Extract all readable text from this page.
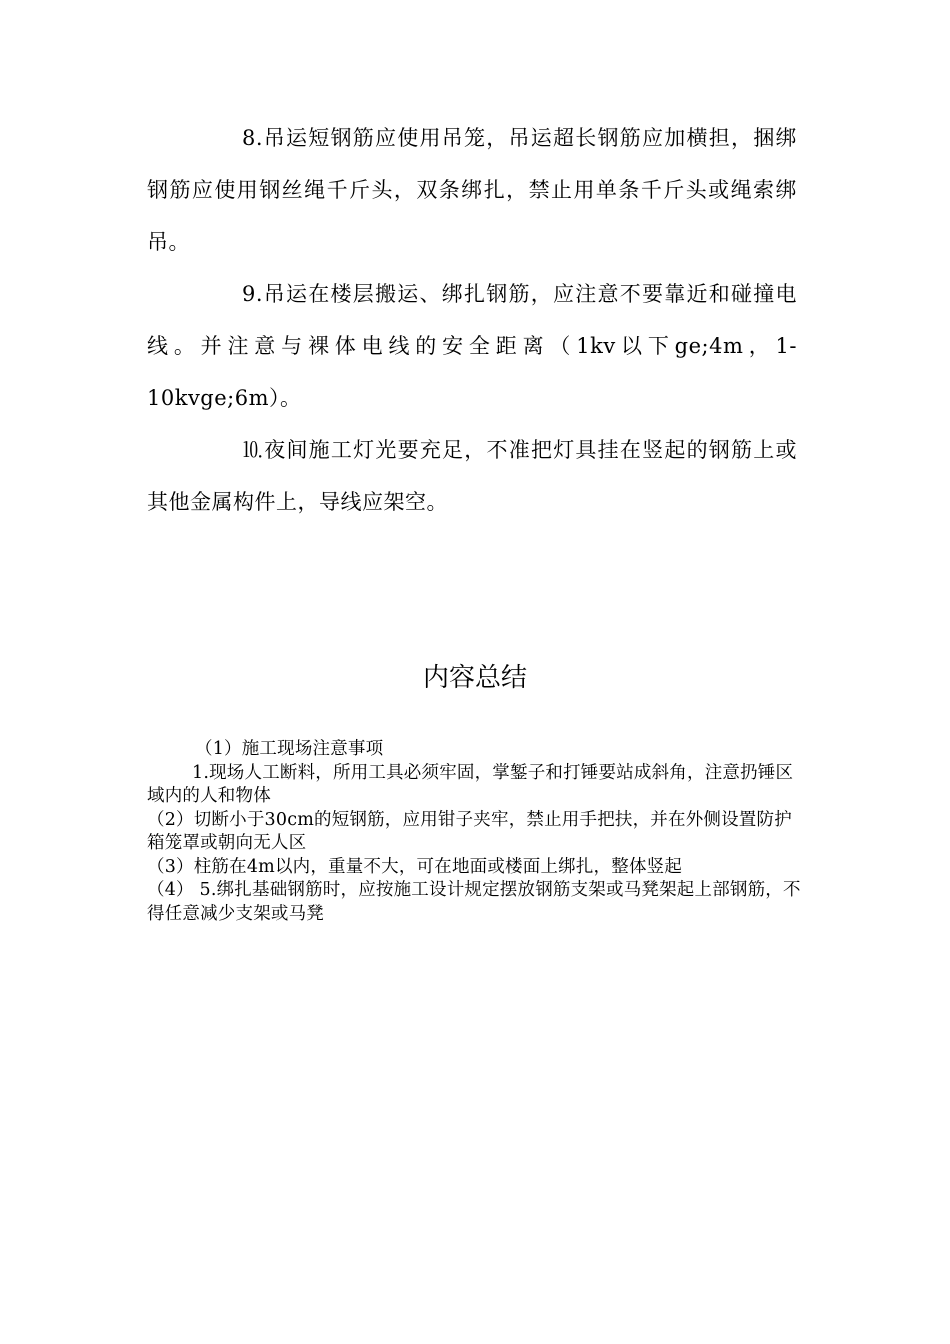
8.吊运短钢筋应使用吊笼，吊运超长钢筋应加横担，捆绑钢筋应使用钢丝绳千斤头，双条绑扎，禁止用单条千斤头或绳索绑吊。

9.吊运在楼层搬运、绑扎钢筋，应注意不要靠近和碰撞电线。并注意与裸体电线的安全距离（1kv以下ge;4m，1-10kvge;6m）。

⒑夜间施工灯光要充足，不准把灯具挂在竖起的钢筋上或其他金属构件上，导线应架空。

内容总结

（1）施工现场注意事项

1.现场人工断料，所用工具必须牢固，掌錾子和打锤要站成斜角，注意扔锤区域内的人和物体

（2）切断小于30cm的短钢筋，应用钳子夹牢，禁止用手把扶，并在外侧设置防护箱笼罩或朝向无人区

（3）柱筋在4m以内，重量不大，可在地面或楼面上绑扎，整体竖起

（4） 5.绑扎基础钢筋时，应按施工设计规定摆放钢筋支架或马凳架起上部钢筋，不得任意减少支架或马凳
